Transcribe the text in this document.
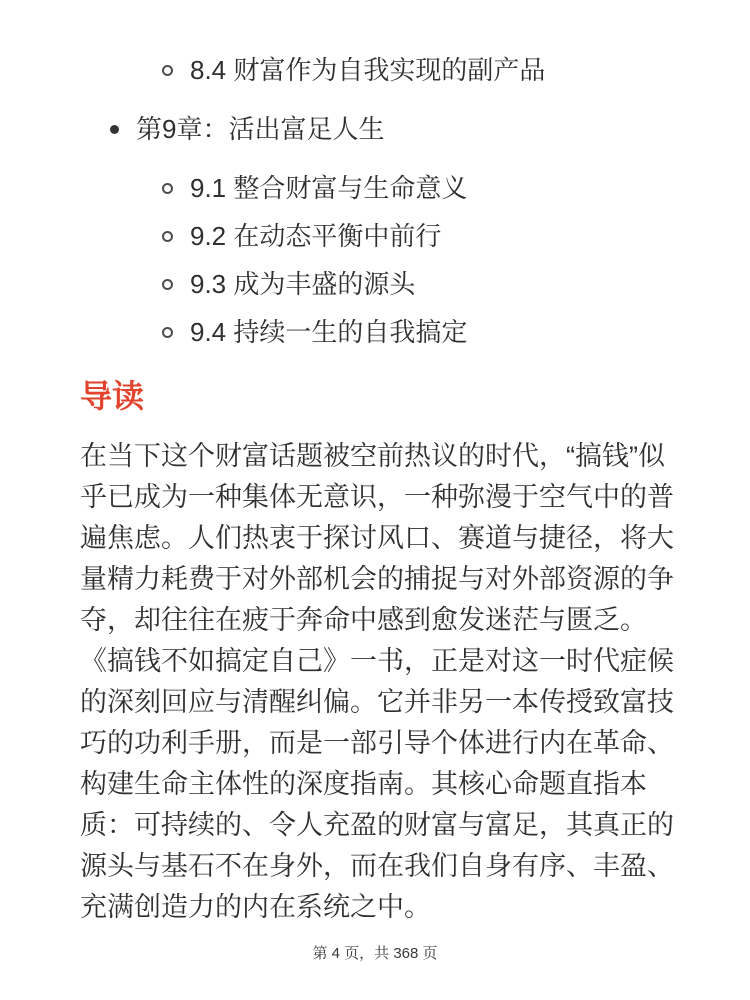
8.4 财富作为自我实现的副产品
第9章：活出富足人生
9.1 整合财富与生命意义
9.2 在动态平衡中前行
9.3 成为丰盛的源头
9.4 持续一生的自我搞定
导读

在当下这个财富话题被空前热议的时代，“搞钱”似乎已成为一种集体无意识，一种弥漫于空气中的普遍焦虑。人们热衷于探讨风口、赛道与捷径，将大量精力耗费于对外部机会的捕捉与对外部资源的争夺，却往往在疲于奔命中感到愈发迷茫与匮乏。《搞钱不如搞定自己》一书，正是对这一时代症候的深刻回应与清醒纠偏。它并非另一本传授致富技巧的功利手册，而是一部引导个体进行内在革命、构建生命主体性的深度指南。其核心命题直指本质：可持续的、令人充盈的财富与富足，其真正的源头与基石不在身外，而在我们自身有序、丰盈、充满创造力的内在系统之中。

第 4 页，共 368 页
